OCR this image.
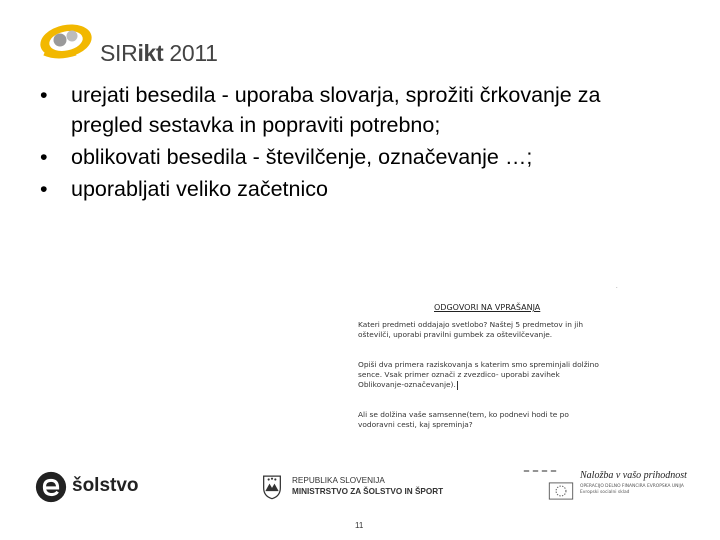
SIRikt 2011
• urejati besedila - uporaba slovarja, sprožiti črkovanje za pregled sestavka in popraviti potrebno;
• oblikovati besedila - številčenje, označevanje …;
• uporabljati veliko začetnico
.
ODGOVORI NA VPRAŠANJA
Kateri predmeti oddajajo svetlobo? Naštej 5 predmetov in jih oštevilči, uporabi pravilni gumbek za oštevilčevanje.
Opiši dva primera raziskovanja s katerim smo spreminjali dolžino sence. Vsak primer označi z zvezdico- uporabi zavihek Oblikovanje-označevanje).
Ali se dolžina vaše samsenne(tem, ko podnevi hodi te po vodoravni cesti, kaj spreminja?
šolstvo	REPUBLIKA SLOVENIJA
MINISTRSTVO ZA ŠOLSTVO IN ŠPORT
Naložba v vašo prihodnost
OPERACIJO DELNO FINANCIRA EVROPSKA UNIJA
Evropski socialni sklad
11
